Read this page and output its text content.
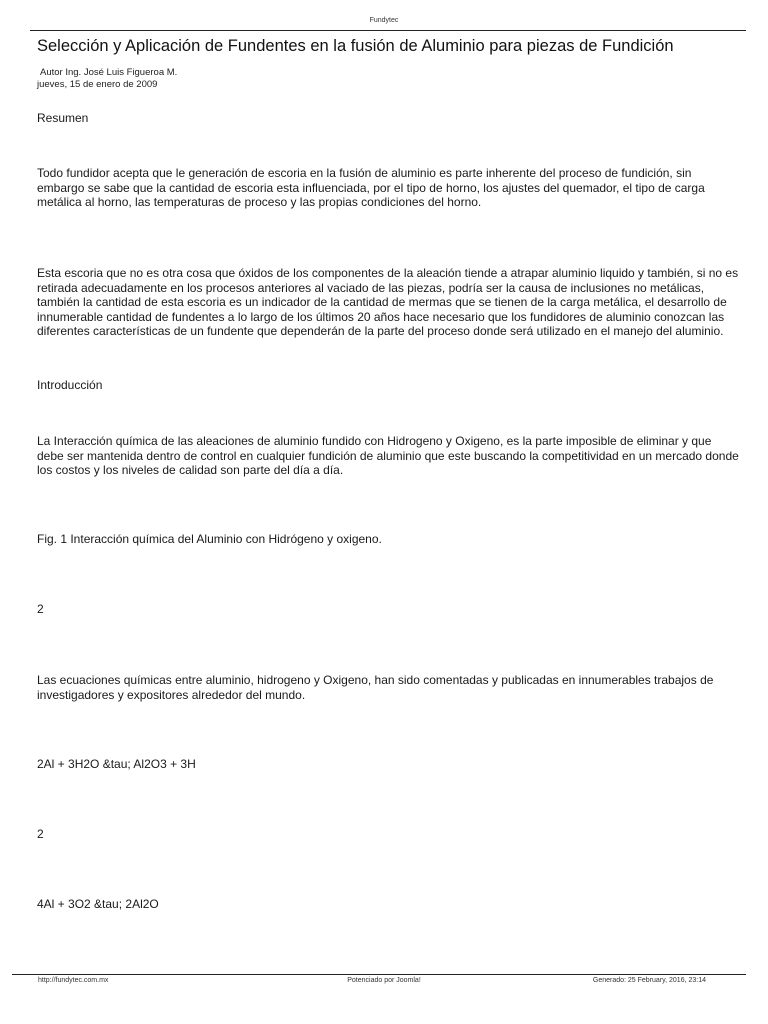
Fundytec
Selección y Aplicación de Fundentes en la fusión de Aluminio para piezas de Fundición
Autor Ing. José Luis Figueroa M.
jueves, 15 de enero de 2009

Resumen

Todo fundidor acepta que le generación de escoria en la fusión de aluminio es parte inherente del proceso de fundición, sin embargo se sabe que la cantidad de escoria esta influenciada, por el tipo de horno, los ajustes del quemador, el tipo de carga metálica al horno, las temperaturas de proceso y las propias condiciones del horno.

Esta escoria que no es otra cosa que óxidos de los componentes de la aleación tiende a atrapar aluminio liquido y también, si no es retirada adecuadamente en los procesos anteriores al vaciado de las piezas, podría ser la causa de inclusiones no metálicas, también la cantidad de esta escoria es un indicador de la cantidad de mermas que se tienen de la carga metálica, el desarrollo de innumerable cantidad de fundentes a lo largo de los últimos 20 años hace necesario que los fundidores de aluminio conozcan las diferentes características de un fundente que dependerán de la parte del proceso donde será utilizado en el manejo del aluminio.

Introducción

La Interacción química de las aleaciones de aluminio fundido con Hidrogeno y Oxigeno, es la parte imposible de eliminar y que debe ser mantenida dentro de control en cualquier fundición de aluminio que este buscando la competitividad en un mercado donde los costos y los niveles de calidad son parte del día a día.

Fig. 1 Interacción química del Aluminio con Hidrógeno y oxigeno.

2

Las ecuaciones químicas entre aluminio, hidrogeno y Oxigeno, han sido comentadas y publicadas en innumerables trabajos de investigadores y expositores alrededor del mundo.

2Al + 3H2O &tau; Al2O3 + 3H

2

4Al + 3O2 &tau; 2Al2O

http://fundytec.com.mx	Potenciado por Joomla!	Generado: 25 February, 2016, 23:14
